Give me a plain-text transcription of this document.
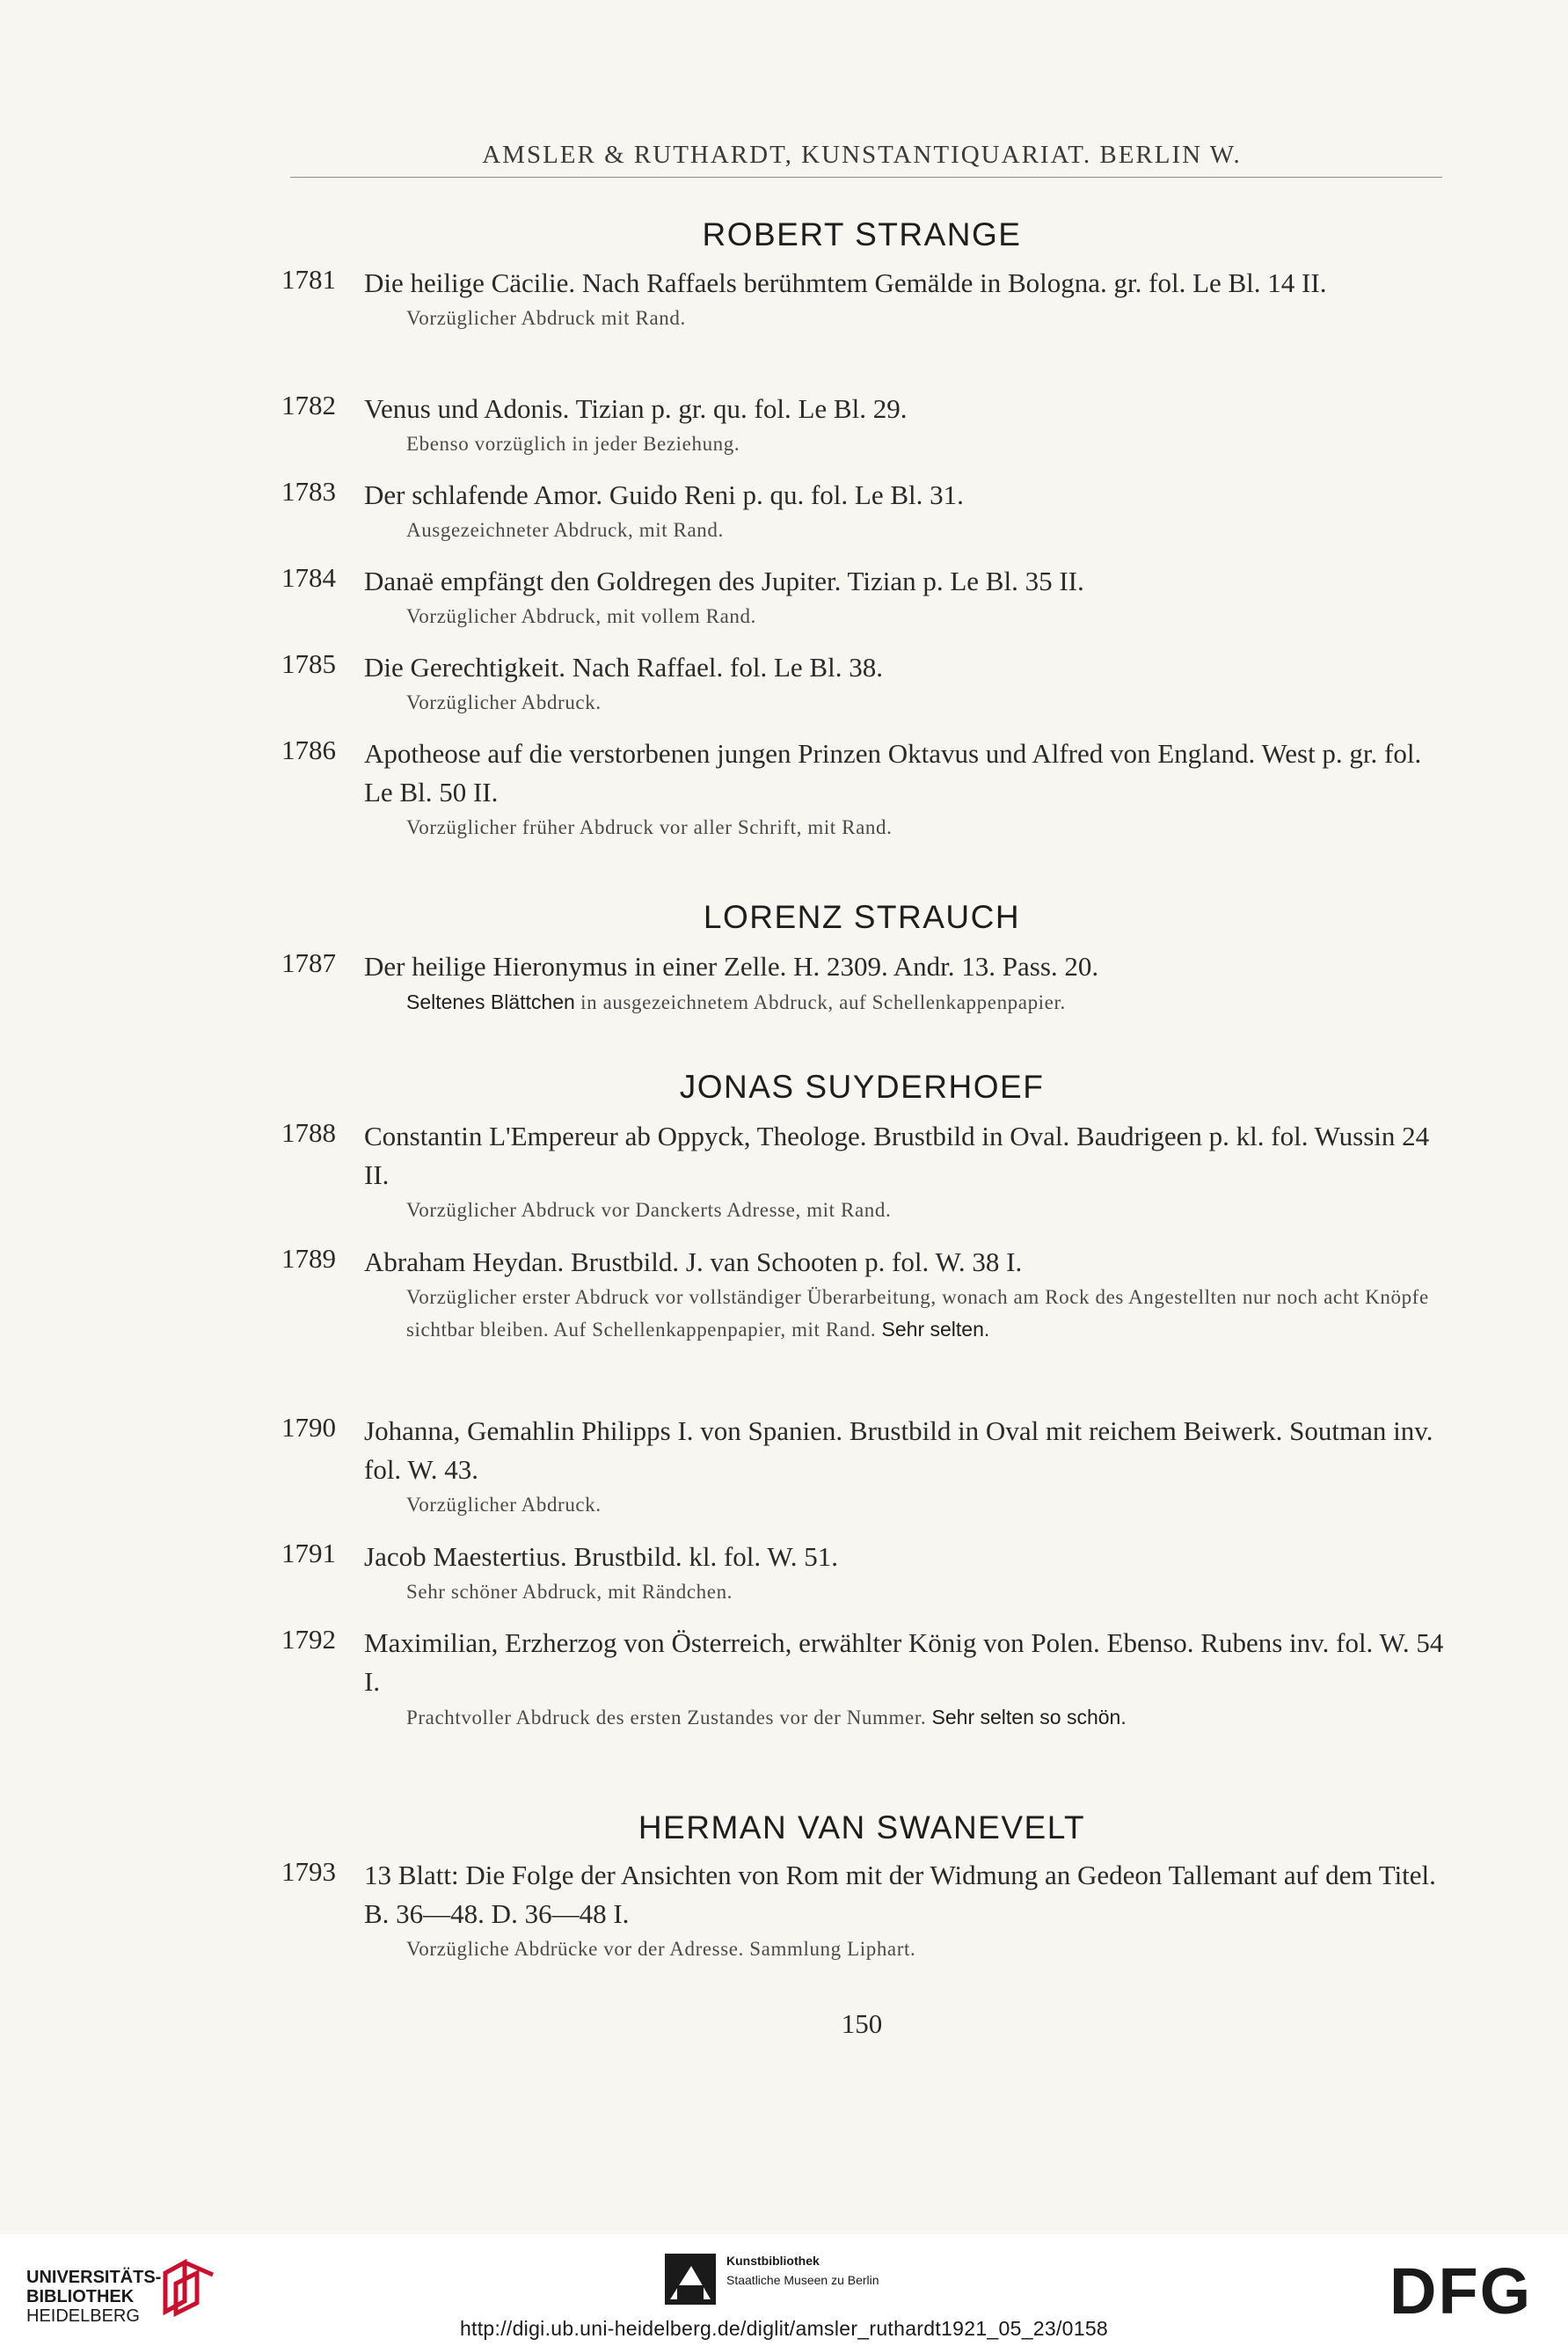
AMSLER & RUTHARDT, KUNSTANTIQUARIAT. BERLIN W.
ROBERT STRANGE
1781	Die heilige Cäcilie. Nach Raffaels berühmtem Gemälde in Bologna. gr. fol. Le Bl. 14 II.
Vorzüglicher Abdruck mit Rand.
1782	Venus und Adonis. Tizian p. gr. qu. fol. Le Bl. 29.
Ebenso vorzüglich in jeder Beziehung.
1783	Der schlafende Amor. Guido Reni p. qu. fol. Le Bl. 31.
Ausgezeichneter Abdruck, mit Rand.
1784	Danaë empfängt den Goldregen des Jupiter. Tizian p. Le Bl. 35 II.
Vorzüglicher Abdruck, mit vollem Rand.
1785	Die Gerechtigkeit. Nach Raffael. fol. Le Bl. 38.
Vorzüglicher Abdruck.
1786	Apotheose auf die verstorbenen jungen Prinzen Oktavus und Alfred von England. West p. gr. fol. Le Bl. 50 II.
Vorzüglicher früher Abdruck vor aller Schrift, mit Rand.
LORENZ STRAUCH
1787	Der heilige Hieronymus in einer Zelle. H. 2309. Andr. 13. Pass. 20.
Seltenes Blättchen in ausgezeichnetem Abdruck, auf Schellenkappenpapier.
JONAS SUYDERHOEF
1788	Constantin L'Empereur ab Oppyck, Theologe. Brustbild in Oval. Baudrigeen p. kl. fol. Wussin 24 II.
Vorzüglicher Abdruck vor Danckerts Adresse, mit Rand.
1789	Abraham Heydan. Brustbild. J. van Schooten p. fol. W. 38 I.
Vorzüglicher erster Abdruck vor vollständiger Überarbeitung, wonach am Rock des Angestellten nur noch acht Knöpfe sichtbar bleiben. Auf Schellenkappenpapier, mit Rand. Sehr selten.
1790	Johanna, Gemahlin Philipps I. von Spanien. Brustbild in Oval mit reichem Beiwerk. Soutman inv. fol. W. 43.
Vorzüglicher Abdruck.
1791	Jacob Maestertius. Brustbild. kl. fol. W. 51.
Sehr schöner Abdruck, mit Rändchen.
1792	Maximilian, Erzherzog von Österreich, erwählter König von Polen. Ebenso. Rubens inv. fol. W. 54 I.
Prachtvoller Abdruck des ersten Zustandes vor der Nummer. Sehr selten so schön.
HERMAN VAN SWANEVELT
1793	13 Blatt: Die Folge der Ansichten von Rom mit der Widmung an Gedeon Tallemant auf dem Titel. B. 36—48. D. 36—48 I.
Vorzügliche Abdrücke vor der Adresse. Sammlung Liphart.
150
UNIVERSITÄTS-
BIBLIOTHEK
HEIDELBERG
Kunstbibliothek
Staatliche Museen zu Berlin	DFG
http://digi.ub.uni-heidelberg.de/diglit/amsler_ruthardt1921_05_23/0158
